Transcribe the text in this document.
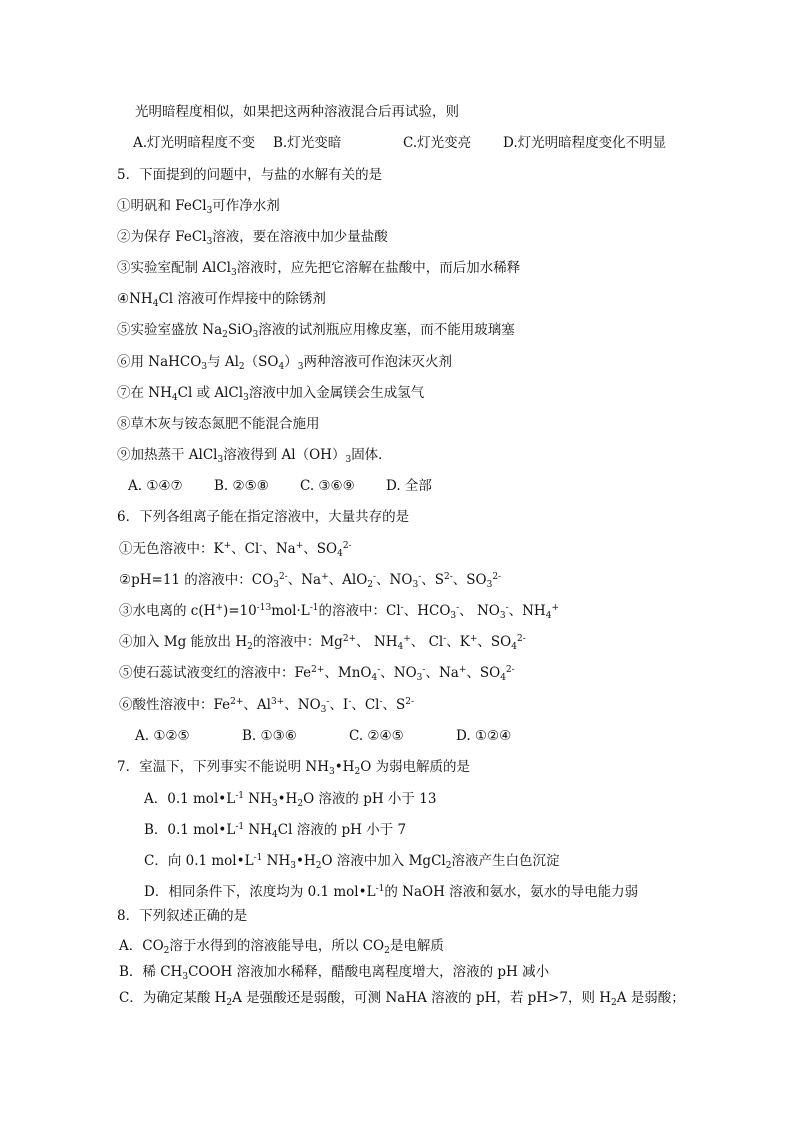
光明暗程度相似，如果把这两种溶液混合后再试验，则
A.灯光明暗程度不变	B.灯光变暗	C.灯光变亮	D.灯光明暗程度变化不明显
5．下面提到的问题中，与盐的水解有关的是
①明矾和 FeCl$_3$可作净水剂
②为保存 FeCl$_3$溶液，要在溶液中加少量盐酸
③实验室配制 AlCl$_3$溶液时，应先把它溶解在盐酸中，而后加水稀释
$④NH_4Cl$ 溶液可作焊接中的除锈剂
⑤实验室盛放 $Na_2SiO_3$溶液的试剂瓶应用橡皮塞，而不能用玻璃塞
⑥用 NaHCO$_3$与 $Al_2(SO_4)_3$两种溶液可作泡沫灭火剂
⑦在 $NH_4Cl$ 或 AlCl$_3$溶液中加入金属镁会生成氢气
⑧草木灰与铵态氮肥不能混合施用
⑨加热蒸干 AlCl$_3$溶液得到 $Al(OH)_3$固体．
A. ①④⑦	B. ②⑤⑧	C. ③⑥⑨	D. 全部
6．下列各组离子能在指定溶液中，大量共存的是
①无色溶液中：K+、Cl-、Na+、$SO_4^{2-}$
②pH=11 的溶液中：$CO_3^{2-}$、Na+、AlO$_2$-、$NO_3^-$、$S^{2-}$、$SO_3^{2-}$
③水电离的 $c(H^+)=10^{-13}mol\cdot L^{-1}$的溶液中：Cl-、$HCO_3^-$、 $NO_3^-$、$NH_4^+$
④加入 Mg 能放出 $H_2$的溶液中：$Mg^{2+}$、 $NH_4^+$、 Cl-、K+、$SO_4^{2-}$
⑤使石蕊试液变红的溶液中：$Fe^{2+}$、MnO$_4$-、$NO_3^-$、Na+、$SO_4^{2-}$
⑥酸性溶液中：$Fe^{2+}$、$Al^{3+}$、$NO_3^-$、I-、Cl-、$S^{2-}$
A. ①②⑤	B. ①③⑥	C. ②④⑤	D. ①②④
7．室温下，下列事实不能说明 $NH_3•H_2O$ 为弱电解质的是
A．0.1 $mol•L^{-1}$ $NH_3•H_2O$ 溶液的 pH 小于 13
B．0.1 $mol•L^{-1}$ $NH_4Cl$ 溶液的 pH 小于 7
C．向 0.1 $mol•L^{-1}$ $NH_3•H_2O$ 溶液中加入 MgCl$_2$溶液产生白色沉淀
D．相同条件下，浓度均为 0.1 $mol•L^{-1}$的 NaOH 溶液和氨水，氨水的导电能力弱
8．下列叙述正确的是
A．$CO_2$溶于水得到的溶液能导电，所以 $CO_2$是电解质
B．稀 $CH_3COOH$ 溶液加水稀释，醋酸电离程度增大，溶液的 pH 减小
C．为确定某酸 $H_2A$ 是强酸还是弱酸，可测 NaHA 溶液的 pH，若 pH>7，则 $H_2A$ 是弱酸；
